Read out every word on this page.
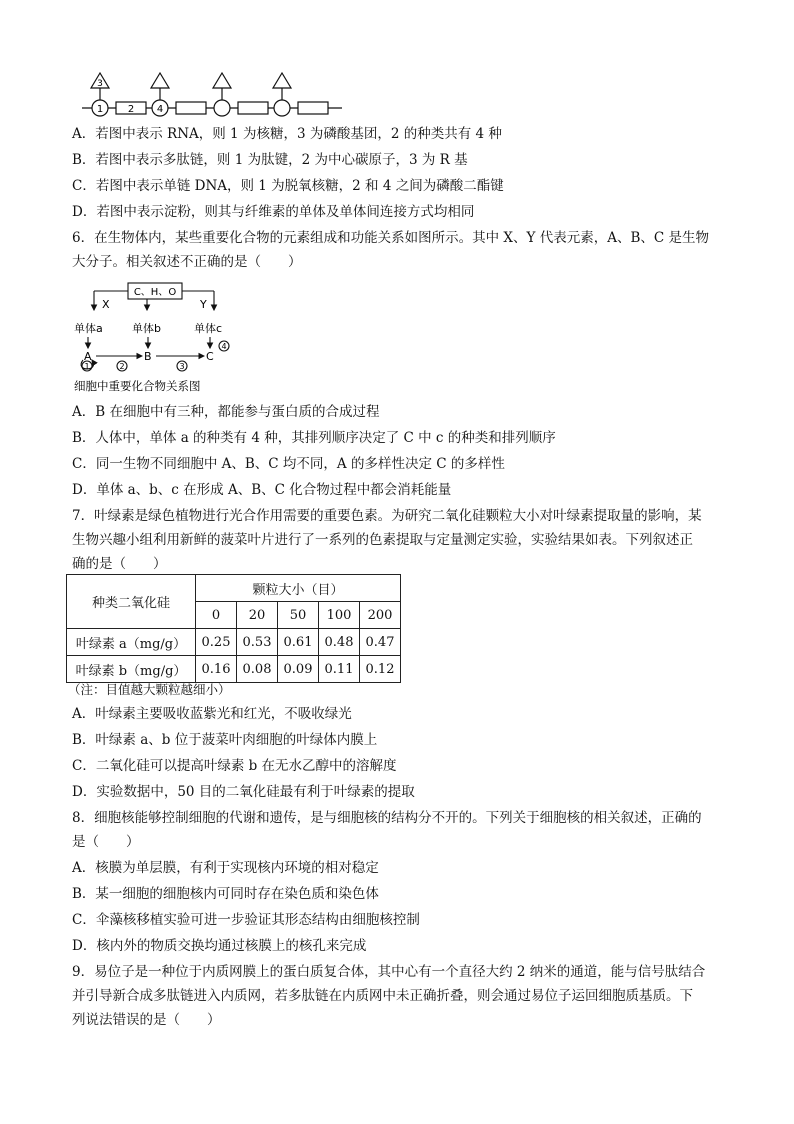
3
1 2 4
A．若图中表示 RNA，则 1 为核糖，3 为磷酸基团，2 的种类共有 4 种
B．若图中表示多肽链，则 1 为肽键，2 为中心碳原子，3 为 R 基
C．若图中表示单链 DNA，则 1 为脱氧核糖，2 和 4 之间为磷酸二酯键
D．若图中表示淀粉，则其与纤维素的单体及单体间连接方式均相同
6．在生物体内，某些重要化合物的元素组成和功能关系如图所示。其中 X、Y 代表元素，A、B、C 是生物
大分子。相关叙述不正确的是（　　）
C、H、O
X	Y
单体a	单体b	单体c
A	B	C
1	2	3
4
细胞中重要化合物关系图
A．B 在细胞中有三种，都能参与蛋白质的合成过程
B．人体中，单体 a 的种类有 4 种，其排列顺序决定了 C 中 c 的种类和排列顺序
C．同一生物不同细胞中 A、B、C 均不同，A 的多样性决定 C 的多样性
D．单体 a、b、c 在形成 A、B、C 化合物过程中都会消耗能量
7．叶绿素是绿色植物进行光合作用需要的重要色素。为研究二氧化硅颗粒大小对叶绿素提取量的影响，某
生物兴趣小组利用新鲜的菠菜叶片进行了一系列的色素提取与定量测定实验，实验结果如表。下列叙述正
确的是（　　）
种类二氧化硅	颗粒大小（目）				
	0	20	50	100	200
叶绿素 a（mg/g）	0.25	0.53	0.61	0.48	0.47
叶绿素 b（mg/g）	0.16	0.08	0.09	0.11	0.12
（注：目值越大颗粒越细小）
A．叶绿素主要吸收蓝紫光和红光，不吸收绿光
B．叶绿素 a、b 位于菠菜叶肉细胞的叶绿体内膜上
C．二氧化硅可以提高叶绿素 b 在无水乙醇中的溶解度
D．实验数据中，50 目的二氧化硅最有利于叶绿素的提取
8．细胞核能够控制细胞的代谢和遗传，是与细胞核的结构分不开的。下列关于细胞核的相关叙述，正确的
是（　　）
A．核膜为单层膜，有利于实现核内环境的相对稳定
B．某一细胞的细胞核内可同时存在染色质和染色体
C．伞藻核移植实验可进一步验证其形态结构由细胞核控制
D．核内外的物质交换均通过核膜上的核孔来完成
9．易位子是一种位于内质网膜上的蛋白质复合体，其中心有一个直径大约 2 纳米的通道，能与信号肽结合
并引导新合成多肽链进入内质网，若多肽链在内质网中未正确折叠，则会通过易位子运回细胞质基质。下
列说法错误的是（　　）
